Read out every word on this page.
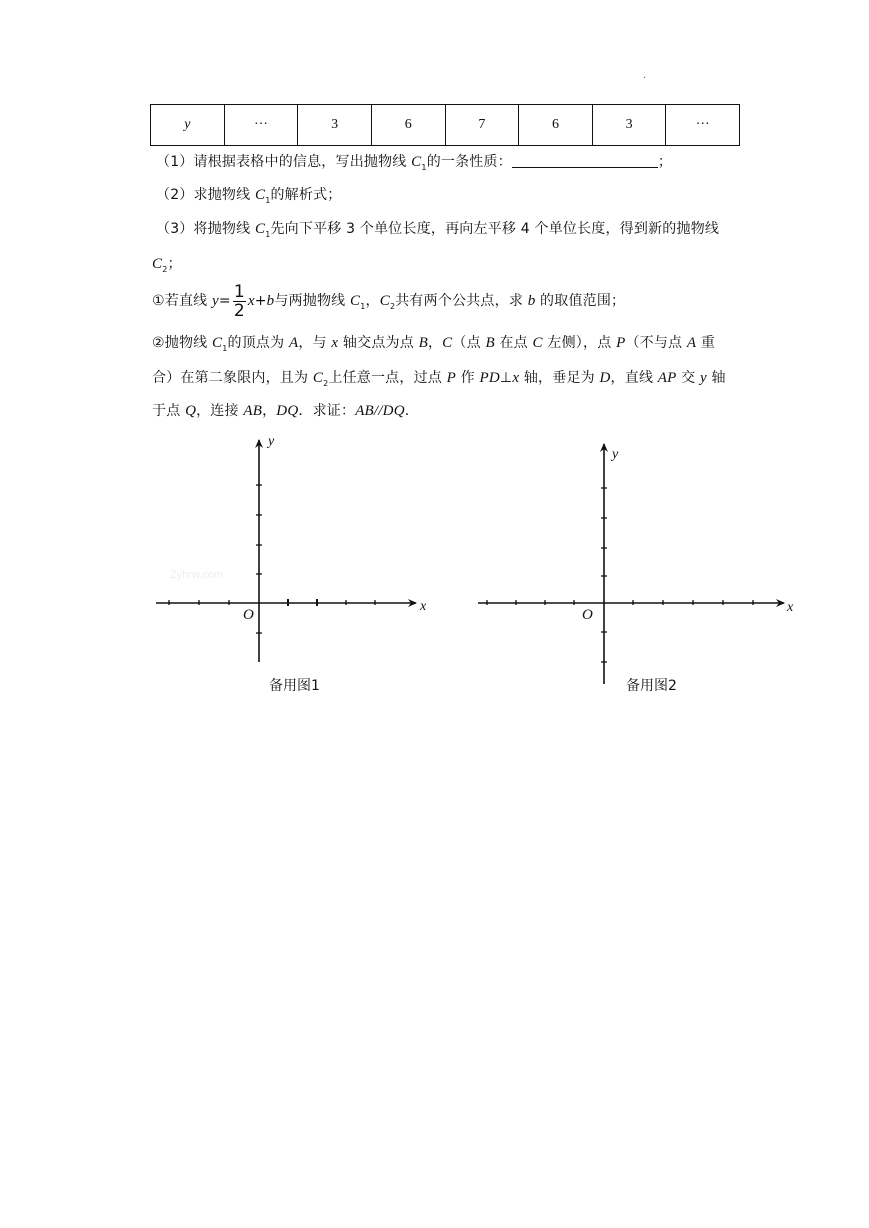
.
y	···	3	6	7	6	3	···
（1）请根据表格中的信息，写出抛物线 $C_1$的一条性质：	；
（2）求抛物线 $C_1$的解析式；
（3）将抛物线 $C_1$先向下平移 3 个单位长度，再向左平移 4 个单位长度，得到新的抛物线
$C_2$；
①若直线 $y= \frac{1}{2} x+b$与两抛物线 $C_1$，$C_2$共有两个公共点，求 b 的取值范围；
②抛物线 $C_1$的顶点为 A，与 x 轴交点为点 B，C（点 B 在点 C 左侧），点 P（不与点 A 重
合）在第二象限内，且为 $C_2$上任意一点，过点 P 作 PD⊥x 轴，垂足为 D，直线 AP 交 y 轴
于点 Q，连接 AB，DQ．求证：AB//DQ.
Zyhrw.com
x
y
O
备用图1
x
y
O
备用图2
